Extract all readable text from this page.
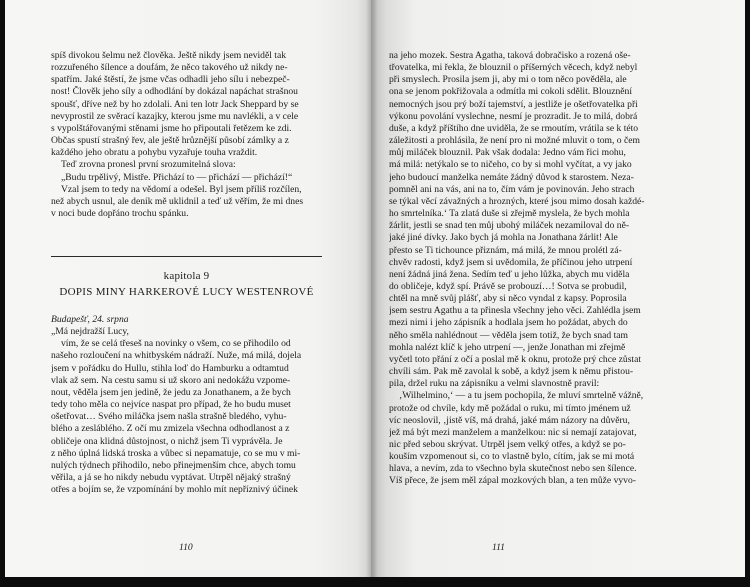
spíš divokou šelmu než člověka. Ještě nikdy jsem neviděl tak
rozzuřeného šílence a doufám, že něco takového už nikdy ne-
spatřím. Jaké štěstí, že jsme včas odhadli jeho sílu i nebezpeč-
nost! Člověk jeho síly a odhodlání by dokázal napáchat strašnou
spoušť, dříve než by ho zdolali. Ani ten lotr Jack Sheppard by se
nevyprostil ze svěrací kazajky, kterou jsme mu navlékli, a v cele
s vypolštářovanými stěnami jsme ho připoutali řetězem ke zdi.
Občas spustí strašný řev, ale ještě hrůznější působí zámlky a z
každého jeho obratu a pohybu vyzařuje touha vraždit.
Teď zrovna pronesl první srozumitelná slova:
„Budu trpělivý, Mistře. Přichází to — přichází — přichází!“
Vzal jsem to tedy na vědomí a odešel. Byl jsem příliš rozčílen,
než abych usnul, ale deník mě uklidnil a teď už věřím, že mi dnes
v noci bude dopřáno trochu spánku.
kapitola 9
DOPIS MINY HARKEROVÉ LUCY WESTENROVÉ
Budapešť, 24. srpna
„Má nejdražší Lucy,
vím, že se celá třeseš na novinky o všem, co se přihodilo od
našeho rozloučení na whitbyském nádraží. Nuže, má milá, dojela
jsem v pořádku do Hullu, stihla loď do Hamburku a odtamtud
vlak až sem. Na cestu samu si už skoro ani nedokážu vzpome-
nout, věděla jsem jen jedině, že jedu za Jonathanem, a že bych
tedy toho měla co nejvíce naspat pro případ, že ho budu muset
ošetřovat… Svého miláčka jsem našla strašně bledého, vyhu-
blého a zesláblého. Z očí mu zmizela všechna odhodlanost a z
obličeje ona klidná důstojnost, o nichž jsem Ti vyprávěla. Je
z něho úplná lidská troska a vůbec si nepamatuje, co se mu v mi-
nulých týdnech přihodilo, nebo přinejmenším chce, abych tomu
věřila, a já se ho nikdy nebudu vyptávat. Utrpěl nějaký strašný
otřes a bojím se, že vzpomínání by mohlo mít nepříznivý účinek
110
na jeho mozek. Sestra Agatha, taková dobračisko a rozená oše-
třovatelka, mi řekla, že blouznil o příšerných věcech, když nebyl
při smyslech. Prosila jsem ji, aby mi o tom něco pověděla, ale
ona se jenom pokřižovala a odmítla mi cokoli sdělit. Blouznění
nemocných jsou prý boží tajemství, a jestliže je ošetřovatelka při
výkonu povolání vyslechne, nesmí je prozradit. Je to milá, dobrá
duše, a když příštího dne uviděla, že se rmoutím, vrátila se k této
záležitosti a prohlásila, že není pro ni možné mluvit o tom, o čem
můj miláček blouznil. Pak však dodala: Jedno vám řici mohu,
má milá: netýkalo se to ničeho, co by si mohl vyčítat, a vy jako
jeho budoucí manželka nemáte žádný důvod k starostem. Neza-
pomněl ani na vás, ani na to, čím vám je povinován. Jeho strach
se týkal věcí závažných a hrozných, které jsou mimo dosah každé-
ho smrtelníka.‘ Ta zlatá duše si zřejmě myslela, že bych mohla
žárlit, jestli se snad ten můj ubohý miláček nezamiloval do ně-
jaké jiné dívky. Jako bych já mohla na Jonathana žárlit! Ale
přesto se Ti tichounce přiznám, má milá, že mnou prolétl zá-
chvěv radosti, když jsem si uvědomila, že příčinou jeho utrpení
není žádná jiná žena. Sedím teď u jeho lůžka, abych mu viděla
do obličeje, když spí. Právě se probouzí…! Sotva se probudil,
chtěl na mně svůj plášť, aby si něco vyndal z kapsy. Poprosila
jsem sestru Agathu a ta přinesla všechny jeho věci. Zahlédla jsem
mezi nimi i jeho zápisník a hodlala jsem ho požádat, abych do
něho směla nahlédnout — věděla jsem totiž, že bych snad tam
mohla nalézt klíč k jeho utrpení —, jenže Jonathan mi zřejmě
vyčetl toto přání z očí a poslal mě k oknu, protože prý chce zůstat
chvíli sám. Pak mě zavolal k sobě, a když jsem k němu přistou-
pila, držel ruku na zápisníku a velmi slavnostně pravil:
‚Wilhelmino,‘ — a tu jsem pochopila, že mluví smrtelně vážně,
protože od chvíle, kdy mě požádal o ruku, mi tímto jménem už
víc neoslovil, ‚jistě víš, má drahá, jaké mám názory na důvěru,
jež má být mezi manželem a manželkou: nic si nemají zatajovat,
nic před sebou skrývat. Utrpěl jsem velký otřes, a když se po-
kouším vzpomenout si, co to vlastně bylo, cítím, jak se mi motá
hlava, a nevím, zda to všechno byla skutečnost nebo sen šílence.
Víš přece, že jsem měl zápal mozkových blan, a ten může vyvo-
111
